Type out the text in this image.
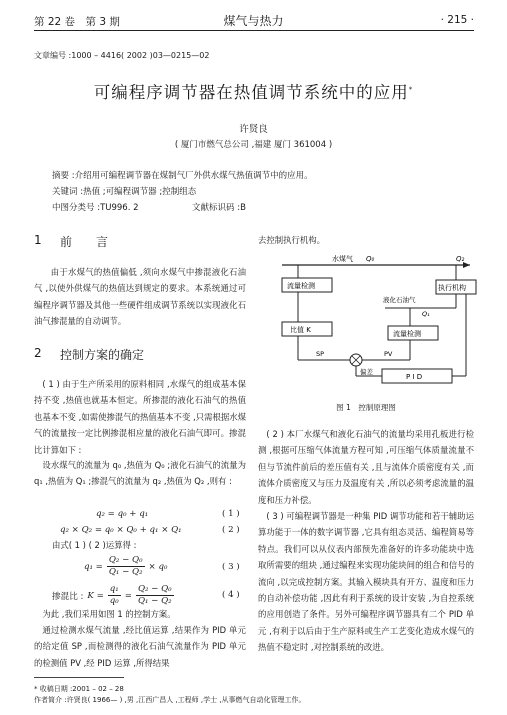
第 22 卷　第 3 期	煤气与热力	· 215 ·
文章编号 :1000 – 4416( 2002 )03—0215—02
可编程序调节器在热值调节系统中的应用*
许贤良
( 厦门市燃气总公司 ,福建 厦门 361004 )
摘要 :介绍用可编程调节器在煤制气厂外供水煤气热值调节中的应用。
关键词 :热值 ;可编程调节器 ;控制组态
中图分类号 :TU996. 2	文献标识码 :B
1 前　　言
由于水煤气的热值偏低 ,须向水煤气中掺混液化石油气 ,以使外供煤气的热值达到规定的要求。本系统通过可编程序调节器及其他一些硬件组成调节系统以实现液化石油气掺混量的自动调节。
2 控制方案的确定
( 1 ) 由于生产所采用的原料相同 ,水煤气的组成基本保持不变 ,热值也就基本恒定。所掺混的液化石油气的热值也基本不变 ,如需使掺混气的热值基本不变 ,只需根据水煤气的流量按一定比例掺混相应量的液化石油气即可。掺混比计算如下 :
设水煤气的流量为 q₀ ,热值为 Q₀ ;液化石油气的流量为 q₁ ,热值为 Q₁ ;掺混气的流量为 q₂ ,热值为 Q₂ ,则有 :
q₂ = q₀ + q₁	( 1 )
q₂ × Q₂ = q₀ × Q₀ + q₁ × Q₁	( 2 )
由式( 1 ) ( 2 )运算得 :
$q_1 = \frac{\text{Q₂ − Q₀}}{\text{Q₁ − Q₂}} \times q_0$	( 3 )
掺混比 : $K = \frac{\text{q₁}}{\text{q₀}} = \frac{\text{Q₂ − Q₀}}{\text{Q₁ − Q₂}}$	( 4 )
为此 ,我们采用如图 1 的控制方案。
通过检测水煤气流量 ,经比值运算 ,结果作为 PID 单元的给定值 SP ,而检测得的液化石油气流量作为 PID 单元的检测值 PV ,经 PID 运算 ,所得结果
去控制执行机构。
水煤气 Q₀	Q₂
流量检测
比值 K
SP
偏差
P I D
执行机构
液化石油气
Q₁
流量检测
PV
图 1　控制原理图
( 2 ) 本厂水煤气和液化石油气的流量均采用孔板进行检测 ,根据可压缩气体流量方程可知 ,可压缩气体质量流量不但与节流件前后的差压值有关 ,且与流体介质密度有关 ,而流体介质密度又与压力及温度有关 ,所以必须考虑流量的温度和压力补偿。
( 3 ) 可编程调节器是一种集 PID 调节功能和若干辅助运算功能于一体的数字调节器 ,它具有组态灵活、编程简易等特点。我们可以从仪表内部预先准备好的许多功能块中选取所需要的组块 ,通过编程来实现功能块间的组合和信号的流向 ,以完成控制方案。其输入模块具有开方、温度和压力的自动补偿功能 ,因此有利于系统的设计安装 ,为自控系统的应用创造了条件。另外可编程序调节器具有二个 PID 单元 ,有利于以后由于生产原料或生产工艺变化造成水煤气的热值不稳定时 ,对控制系统的改进。
* 收稿日期 :2001 – 02 – 28
作者简介 :许贤良( 1966— ) ,男 ,江西广昌人 ,工程师 ,学士 ,从事燃气自动化管理工作。
